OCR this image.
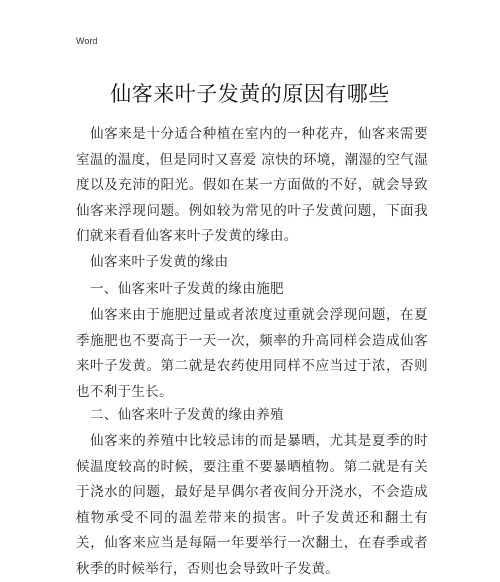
Word
仙客来叶子发黄的原因有哪些
仙客来是十分适合种植在室内的一种花卉，仙客来需要室温的温度，但是同时又喜爱 凉快的环境，潮湿的空气湿度以及充沛的阳光。假如在某一方面做的不好，就会导致仙客来浮现问题。例如较为常见的叶子发黄问题，下面我们就来看看仙客来叶子发黄的缘由。
仙客来叶子发黄的缘由
一、仙客来叶子发黄的缘由施肥
仙客来由于施肥过量或者浓度过重就会浮现问题，在夏季施肥也不要高于一天一次，频率的升高同样会造成仙客来叶子发黄。第二就是农药使用同样不应当过于浓，否则也不利于生长。
二、仙客来叶子发黄的缘由养殖
仙客来的养殖中比较忌讳的而是暴晒，尤其是夏季的时候温度较高的时候，要注重不要暴晒植物。第二就是有关于浇水的问题，最好是早偶尔者夜间分开浇水，不会造成植物承受不同的温差带来的损害。叶子发黄还和翻土有关，仙客来应当是每隔一年要举行一次翻土，在春季或者秋季的时候举行，否则也会导致叶子发黄。
